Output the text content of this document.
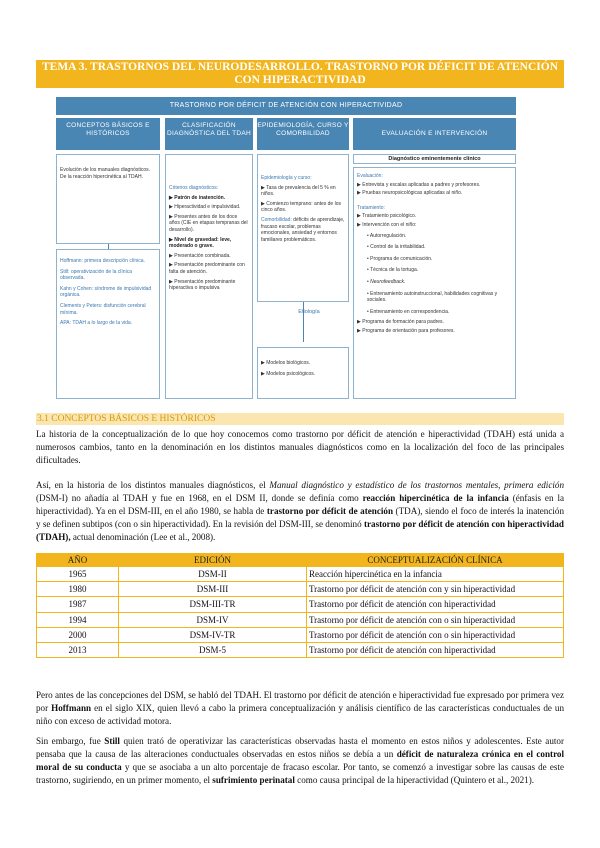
TEMA 3. TRASTORNOS DEL NEURODESARROLLO. TRASTORNO POR DÉFICIT DE ATENCIÓN CON HIPERACTIVIDAD
TRASTORNO POR DÉFICIT DE ATENCIÓN CON HIPERACTIVIDAD
CONCEPTOS BÁSICOS E HISTÓRICOS
CLASIFICACIÓN DIAGNÓSTICA DEL TDAH
EPIDEMIOLOGÍA, CURSO Y COMORBILIDAD	EVALUACIÓN E INTERVENCIÓN
Evolución de los manuales diagnósticos. De la reacción hipercinética al TDAH.
Hoffmann: primera descripción clínica.
Still: operativización de la clínica observada.
Kahn y Cohen: síndrome de impulsividad orgánica.
Clements y Peters: disfunción cerebral mínima.
APA: TDAH a lo largo de la vida.
Criterios diagnósticos:
▶ Patrón de inatención.
▶ Hiperactividad e impulsividad.
▶ Presentes antes de los doce años (CIE en etapas tempranas del desarrollo).
▶ Nivel de gravedad: leve, moderado o grave.
▶ Presentación combinada.
▶ Presentación predominante con falta de atención.
▶ Presentación predominante hiperactiva o impulsiva
Epidemiología y curso:
▶ Tasa de prevalencia del 5 % en niños.
▶ Comienzo temprano: antes de los cinco años.
Comorbilidad: déficits de aprendizaje, fracaso escolar, problemas emocionales, ansiedad y entornos familiares problemáticos.
Etiología
▶ Modelos biológicos.
▶ Modelos psicológicos.
Diagnóstico eminentemente clínico
Evaluación:
▶ Entrevista y escalas aplicadas a padres y profesores.
▶ Pruebas neuropsicológicas aplicadas al niño.
Tratamiento:
▶ Tratamiento psicológico.
▶ Intervención con el niño:
• Autorregulación.
• Control de la irritabilidad.
• Programa de comunicación.
• Técnica de la tortuga.
• Neurofeedback.
• Entrenamiento autoinstruccional, habilidades cognitivas y sociales.
• Entrenamiento en correspondencia.
▶ Programa de formación para padres.
▶ Programa de orientación para profesores.
3.1 CONCEPTOS BÁSICOS E HISTÓRICOS

La historia de la conceptualización de lo que hoy conocemos como trastorno por déficit de atención e hiperactividad (TDAH) está unida a numerosos cambios, tanto en la denominación en los distintos manuales diagnósticos como en la localización del foco de las principales dificultades.

Así, en la historia de los distintos manuales diagnósticos, el Manual diagnóstico y estadístico de los trastornos mentales, primera edición (DSM-I) no añadía al TDAH y fue en 1968, en el DSM II, donde se definía como reacción hipercinética de la infancia (énfasis en la hiperactividad). Ya en el DSM-III, en el año 1980, se habla de trastorno por déficit de atención (TDA), siendo el foco de interés la inatención y se definen subtipos (con o sin hiperactividad). En la revisión del DSM-III, se denominó trastorno por déficit de atención con hiperactividad (TDAH), actual denominación (Lee et al., 2008).

AÑO	EDICIÓN	CONCEPTUALIZACIÓN CLÍNICA
1965	DSM-II	Reacción hipercinética en la infancia
1980	DSM-III	Trastorno por déficit de atención con y sin hiperactividad
1987	DSM-III-TR	Trastorno por déficit de atención con hiperactividad
1994	DSM-IV	Trastorno por déficit de atención con o sin hiperactividad
2000	DSM-IV-TR	Trastorno por déficit de atención con o sin hiperactividad
2013	DSM-5	Trastorno por déficit de atención con hiperactividad

Pero antes de las concepciones del DSM, se habló del TDAH. El trastorno por déficit de atención e hiperactividad fue expresado por primera vez por Hoffmann en el siglo XIX, quien llevó a cabo la primera conceptualización y análisis científico de las características conductuales de un niño con exceso de actividad motora.

Sin embargo, fue Still quien trató de operativizar las características observadas hasta el momento en estos niños y adolescentes. Este autor pensaba que la causa de las alteraciones conductuales observadas en estos niños se debía a un déficit de naturaleza crónica en el control moral de su conducta y que se asociaba a un alto porcentaje de fracaso escolar. Por tanto, se comenzó a investigar sobre las causas de este trastorno, sugiriendo, en un primer momento, el sufrimiento perinatal como causa principal de la hiperactividad (Quintero et al., 2021).
